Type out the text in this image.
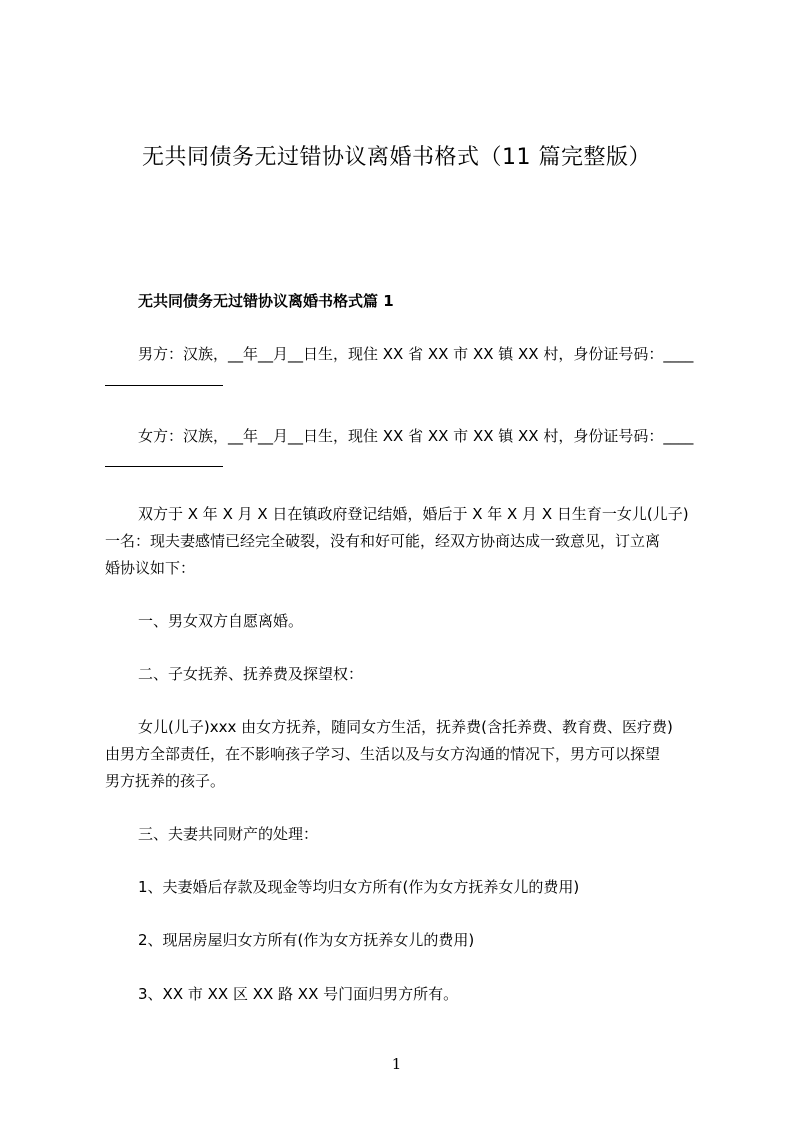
无共同债务无过错协议离婚书格式（11 篇完整版）
无共同债务无过错协议离婚书格式篇 1
男方：汉族，__年__月__日生，现住 XX 省 XX 市 XX 镇 XX 村，身份证号码：____
女方：汉族，__年__月__日生，现住 XX 省 XX 市 XX 镇 XX 村，身份证号码：____
双方于 X 年 X 月 X 日在镇政府登记结婚，婚后于 X 年 X 月 X 日生育一女儿(儿子)
一名：现夫妻感情已经完全破裂，没有和好可能，经双方协商达成一致意见，订立离
婚协议如下：
一、男女双方自愿离婚。
二、子女抚养、抚养费及探望权：
女儿(儿子)xxx 由女方抚养，随同女方生活，抚养费(含托养费、教育费、医疗费)
由男方全部责任，在不影响孩子学习、生活以及与女方沟通的情况下，男方可以探望
男方抚养的孩子。
三、夫妻共同财产的处理：
1、夫妻婚后存款及现金等均归女方所有(作为女方抚养女儿的费用)
2、现居房屋归女方所有(作为女方抚养女儿的费用)
3、XX 市 XX 区 XX 路 XX 号门面归男方所有。
1
